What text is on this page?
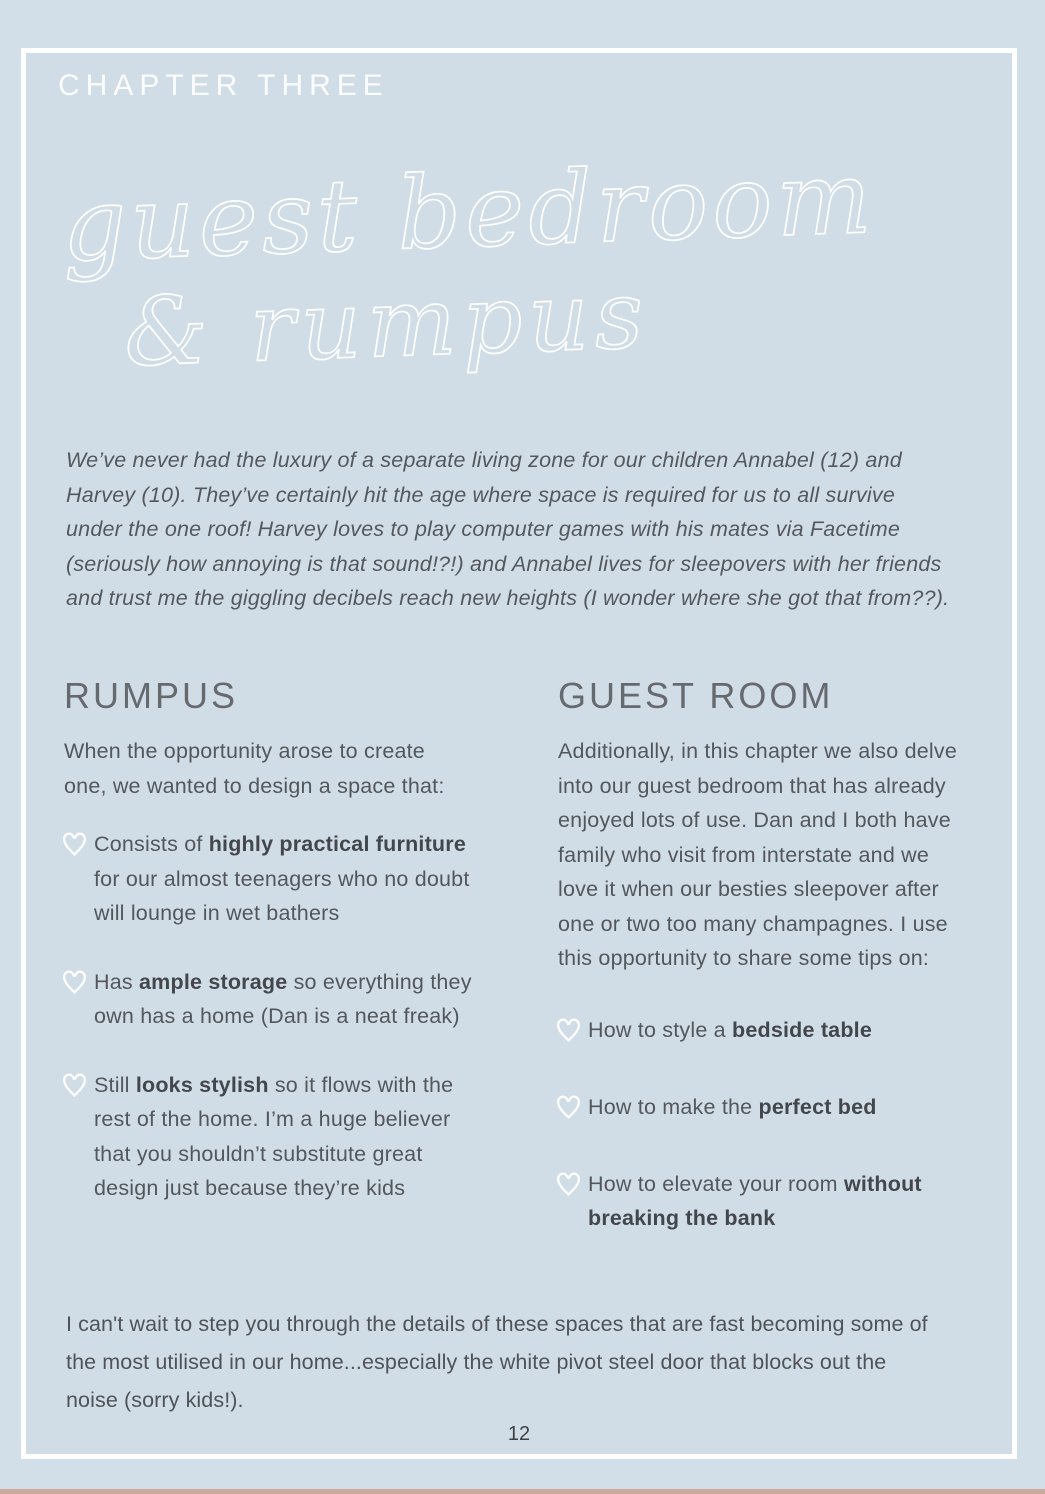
CHAPTER THREE
guest bedroom
& rumpus
We’ve never had the luxury of a separate living zone for our children Annabel (12) and Harvey (10). They’ve certainly hit the age where space is required for us to all survive under the one roof! Harvey loves to play computer games with his mates via Facetime (seriously how annoying is that sound!?!) and Annabel lives for sleepovers with her friends and trust me the giggling decibels reach new heights (I wonder where she got that from??).
RUMPUS

When the opportunity arose to create one, we wanted to design a space that:

Consists of highly practical furniture for our almost teenagers who no doubt will lounge in wet bathers
Has ample storage so everything they own has a home (Dan is a neat freak)
Still looks stylish so it flows with the rest of the home. I’m a huge believer that you shouldn’t substitute great design just because they’re kids
GUEST ROOM

Additionally, in this chapter we also delve into our guest bedroom that has already enjoyed lots of use. Dan and I both have family who visit from interstate and we love it when our besties sleepover after one or two too many champagnes. I use this opportunity to share some tips on:

How to style a bedside table
How to make the perfect bed
How to elevate your room without breaking the bank
I can't wait to step you through the details of these spaces that are fast becoming some of the most utilised in our home...especially the white pivot steel door that blocks out the noise (sorry kids!).
12
